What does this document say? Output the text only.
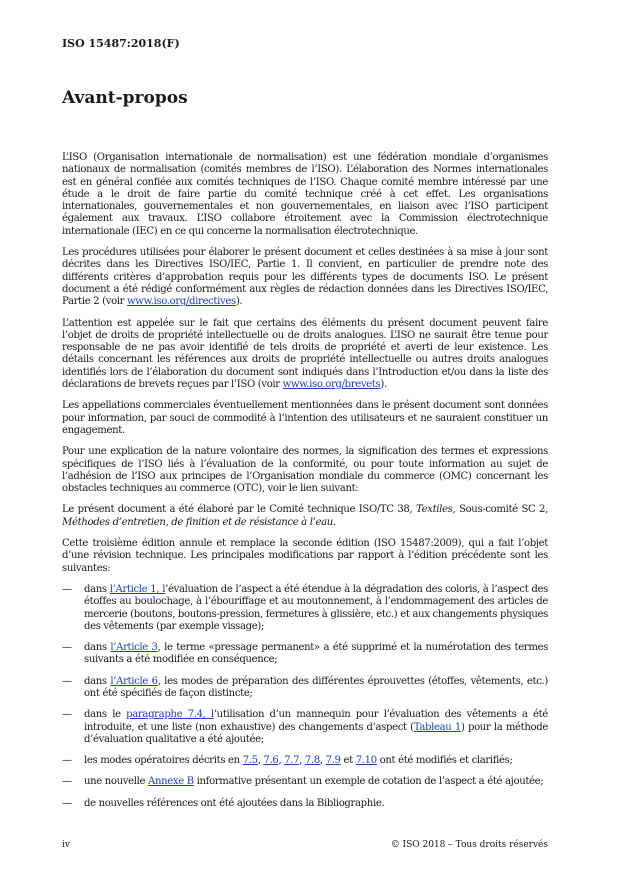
ISO 15487:2018(F)
Avant-propos

L’ISO (Organisation internationale de normalisation) est une fédération mondiale d’organismes nationaux de normalisation (comités membres de l’ISO). L’élaboration des Normes internationales est en général confiée aux comités techniques de l’ISO. Chaque comité membre intéressé par une étude a le droit de faire partie du comité technique créé à cet effet. Les organisations internationales, gouvernementales et non gouvernementales, en liaison avec l’ISO participent également aux travaux. L’ISO collabore étroitement avec la Commission électrotechnique internationale (IEC) en ce qui concerne la normalisation électrotechnique.

Les procédures utilisées pour élaborer le présent document et celles destinées à sa mise à jour sont décrites dans les Directives ISO/IEC, Partie 1. Il convient, en particulier de prendre note des différents critères d’approbation requis pour les différents types de documents ISO. Le présent document a été rédigé conformément aux règles de rédaction données dans les Directives ISO/IEC, Partie 2 (voir www.iso.org/directives).

L’attention est appelée sur le fait que certains des éléments du présent document peuvent faire l’objet de droits de propriété intellectuelle ou de droits analogues. L’ISO ne saurait être tenue pour responsable de ne pas avoir identifié de tels droits de propriété et averti de leur existence. Les détails concernant les références aux droits de propriété intellectuelle ou autres droits analogues identifiés lors de l’élaboration du document sont indiqués dans l’Introduction et/ou dans la liste des déclarations de brevets reçues par l’ISO (voir www.iso.org/brevets).

Les appellations commerciales éventuellement mentionnées dans le présent document sont données pour information, par souci de commodité à l’intention des utilisateurs et ne sauraient constituer un engagement.

Pour une explication de la nature volontaire des normes, la signification des termes et expressions spécifiques de l’ISO liés à l’évaluation de la conformité, ou pour toute information au sujet de l’adhésion de l’ISO aux principes de l’Organisation mondiale du commerce (OMC) concernant les obstacles techniques au commerce (OTC), voir le lien suivant:

Le présent document a été élaboré par le Comité technique ISO/TC 38, Textiles, Sous-comité SC 2, Méthodes d’entretien, de finition et de résistance à l’eau.

Cette troisième édition annule et remplace la seconde édition (ISO 15487:2009), qui a fait l’objet d’une révision technique. Les principales modifications par rapport à l’édition précédente sont les suivantes:

—	dans l’Article 1, l’évaluation de l’aspect a été étendue à la dégradation des coloris, à l’aspect des étoffes au boulochage, à l’ébouriffage et au moutonnement, à l’endommagement des articles de mercerie (boutons, boutons-pression, fermetures à glissière, etc.) et aux changements physiques des vêtements (par exemple vissage);
—	dans l’Article 3, le terme «pressage permanent» a été supprimé et la numérotation des termes suivants a été modifiée en conséquence;
—	dans l’Article 6, les modes de préparation des différentes éprouvettes (étoffes, vêtements, etc.) ont été spécifiés de façon distincte;
—	dans le paragraphe 7.4, l’utilisation d’un mannequin pour l’évaluation des vêtements a été introduite, et une liste (non exhaustive) des changements d’aspect (Tableau 1) pour la méthode d’évaluation qualitative a été ajoutée;
—	les modes opératoires décrits en 7.5, 7.6, 7.7, 7.8, 7.9 et 7.10 ont été modifiés et clarifiés;
—	une nouvelle Annexe B informative présentant un exemple de cotation de l’aspect a été ajoutée;
—	de nouvelles références ont été ajoutées dans la Bibliographie.
iv	© ISO 2018 – Tous droits réservés
